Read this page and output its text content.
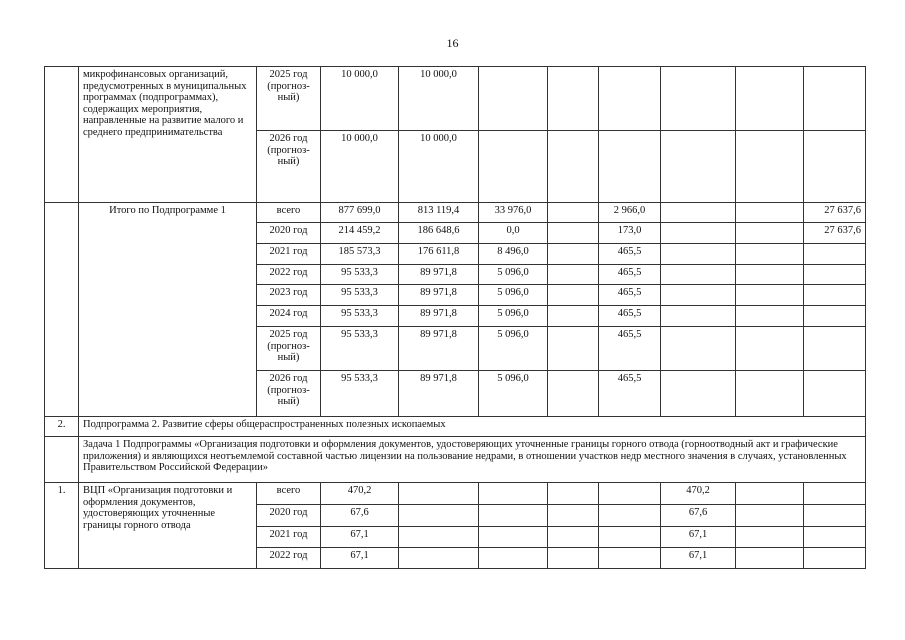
16
	микрофинансовых организаций, предусмотренных в муниципальных программах (подпрограммах), содержащих мероприятия, направленные на развитие малого и среднего предпринимательства	2025 год (прогноз-ный)	10 000,0	10 000,0						
		2026 год (прогноз-ный)	10 000,0	10 000,0						
	Итого по Подпрограмме 1	всего	877 699,0	813 119,4	33 976,0		2 966,0			27 637,6
		2020 год	214 459,2	186 648,6	0,0		173,0			27 637,6
		2021 год	185 573,3	176 611,8	8 496,0		465,5			
		2022 год	95 533,3	89 971,8	5 096,0		465,5			
		2023 год	95 533,3	89 971,8	5 096,0		465,5			
		2024 год	95 533,3	89 971,8	5 096,0		465,5			
		2025 год (прогноз-ный)	95 533,3	89 971,8	5 096,0		465,5			
		2026 год (прогноз-ный)	95 533,3	89 971,8	5 096,0		465,5			
2.	Подпрограмма 2. Развитие сферы общераспространенных полезных ископаемых									
	Задача 1 Подпрограммы «Организация подготовки и оформления документов, удостоверяющих уточненные границы горного отвода (горноотводный акт и графические приложения) и являющихся неотъемлемой составной частью лицензии на пользование недрами, в отношении участков недр местного значения в случаях, установленных Правительством Российской Федерации»									
1.	ВЦП «Организация подготовки и оформления документов, удостоверяющих уточненные границы горного отвода	всего	470,2					470,2		
		2020 год	67,6					67,6		
		2021 год	67,1					67,1		
		2022 год	67,1					67,1		
